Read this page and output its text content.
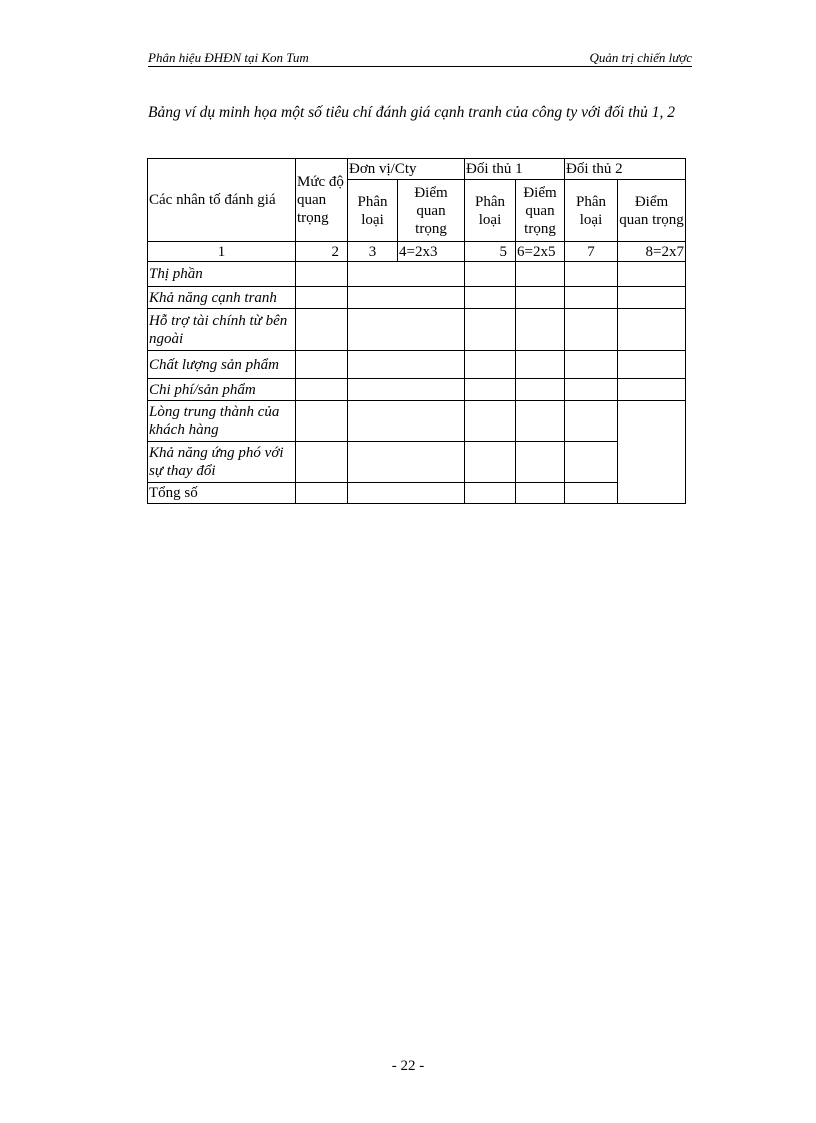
Phân hiệu ĐHĐN tại Kon Tum	Quản trị chiến lược
Bảng ví dụ minh họa một số tiêu chí đánh giá cạnh tranh của công ty với đối thủ 1, 2
Các nhân tố đánh giá	Mức độ quan trọng	Đơn vị/Cty		Đối thủ 1		Đối thủ 2	
		Phân loại	Điểm quan trọng	Phân loại	Điểm quan trọng	Phân loại	Điểm quan trọng
1	2	3	4=2x3	5	6=2x5	7	8=2x7
Thị phần							
Khả năng cạnh tranh							
Hỗ trợ tài chính từ bên ngoài							
Chất lượng sản phẩm							
Chi phí/sản phẩm							
Lòng trung thành của khách hàng							
Khả năng ứng phó với sự thay đổi							
Tổng số							
- 22 -
